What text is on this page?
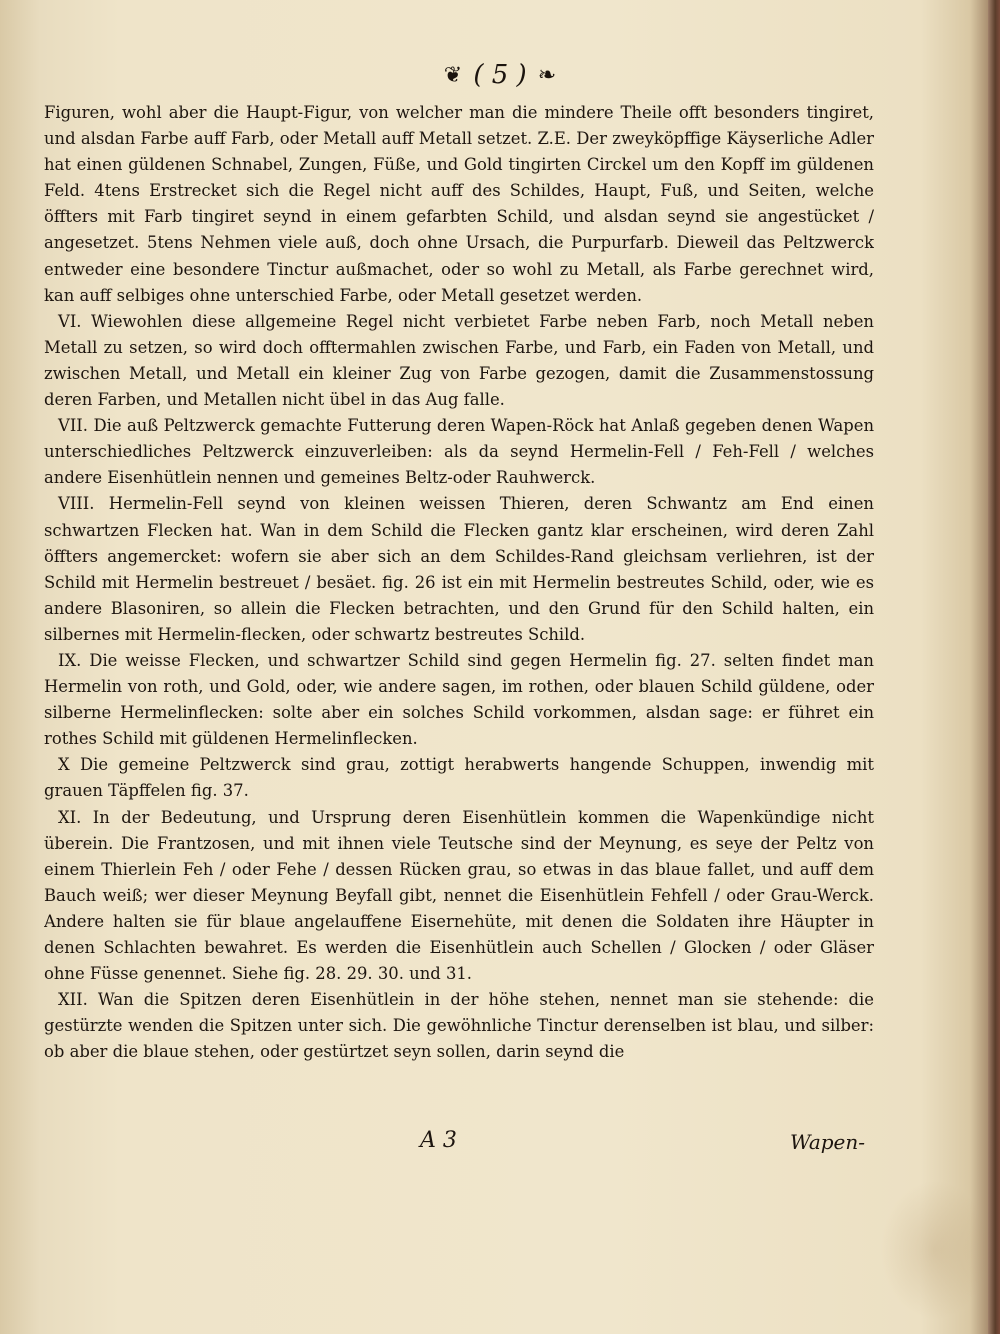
❦ ( 5 ) ❧

Figuren, wohl aber die Haupt-Figur, von welcher man die mindere Theile offt besonders tingiret, und alsdan Farbe auff Farb, oder Metall auff Metall setzet. Z.E. Der zweyköpffige Käyserliche Adler hat einen güldenen Schnabel, Zungen, Füße, und Gold tingirten Circkel um den Kopff im güldenen Feld. 4tens Erstrecket sich die Regel nicht auff des Schildes, Haupt, Fuß, und Seiten, welche öffters mit Farb tingiret seynd in einem gefarbten Schild, und alsdan seynd sie angestücket / angesetzet. 5tens Nehmen viele auß, doch ohne Ursach, die Purpurfarb. Dieweil das Peltzwerck entweder eine besondere Tinctur außmachet, oder so wohl zu Metall, als Farbe gerechnet wird, kan auff selbiges ohne unterschied Farbe, oder Metall gesetzet werden.

VI. Wiewohlen diese allgemeine Regel nicht verbietet Farbe neben Farb, noch Metall neben Metall zu setzen, so wird doch offtermahlen zwischen Farbe, und Farb, ein Faden von Metall, und zwischen Metall, und Metall ein kleiner Zug von Farbe gezogen, damit die Zusammenstossung deren Farben, und Metallen nicht übel in das Aug falle.

VII. Die auß Peltzwerck gemachte Futterung deren Wapen-Röck hat Anlaß gegeben denen Wapen unterschiedliches Peltzwerck einzuverleiben: als da seynd Hermelin-Fell / Feh-Fell / welches andere Eisenhütlein nennen und gemeines Beltz-oder Rauhwerck.

VIII. Hermelin-Fell seynd von kleinen weissen Thieren, deren Schwantz am End einen schwartzen Flecken hat. Wan in dem Schild die Flecken gantz klar erscheinen, wird deren Zahl öffters angemercket: wofern sie aber sich an dem Schildes-Rand gleichsam verliehren, ist der Schild mit Hermelin bestreuet / besäet. fig. 26 ist ein mit Hermelin bestreutes Schild, oder, wie es andere Blasoniren, so allein die Flecken betrachten, und den Grund für den Schild halten, ein silbernes mit Hermelin-flecken, oder schwartz bestreutes Schild.

IX. Die weisse Flecken, und schwartzer Schild sind gegen Hermelin fig. 27. selten findet man Hermelin von roth, und Gold, oder, wie andere sagen, im rothen, oder blauen Schild güldene, oder silberne Hermelinflecken: solte aber ein solches Schild vorkommen, alsdan sage: er führet ein rothes Schild mit güldenen Hermelinflecken.

X Die gemeine Peltzwerck sind grau, zottigt herabwerts hangende Schuppen, inwendig mit grauen Täpffelen fig. 37.

XI. In der Bedeutung, und Ursprung deren Eisenhütlein kommen die Wapenkündige nicht überein. Die Frantzosen, und mit ihnen viele Teutsche sind der Meynung, es seye der Peltz von einem Thierlein Feh / oder Fehe / dessen Rücken grau, so etwas in das blaue fallet, und auff dem Bauch weiß; wer dieser Meynung Beyfall gibt, nennet die Eisenhütlein Fehfell / oder Grau-Werck. Andere halten sie für blaue angelauffene Eisernehüte, mit denen die Soldaten ihre Häupter in denen Schlachten bewahret. Es werden die Eisenhütlein auch Schellen / Glocken / oder Gläser ohne Füsse genennet. Siehe fig. 28. 29. 30. und 31.

XII. Wan die Spitzen deren Eisenhütlein in der höhe stehen, nennet man sie stehende: die gestürzte wenden die Spitzen unter sich. Die gewöhnliche Tinctur derenselben ist blau, und silber: ob aber die blaue stehen, oder gestürtzet seyn sollen, darin seynd die

A 3	Wapen-
